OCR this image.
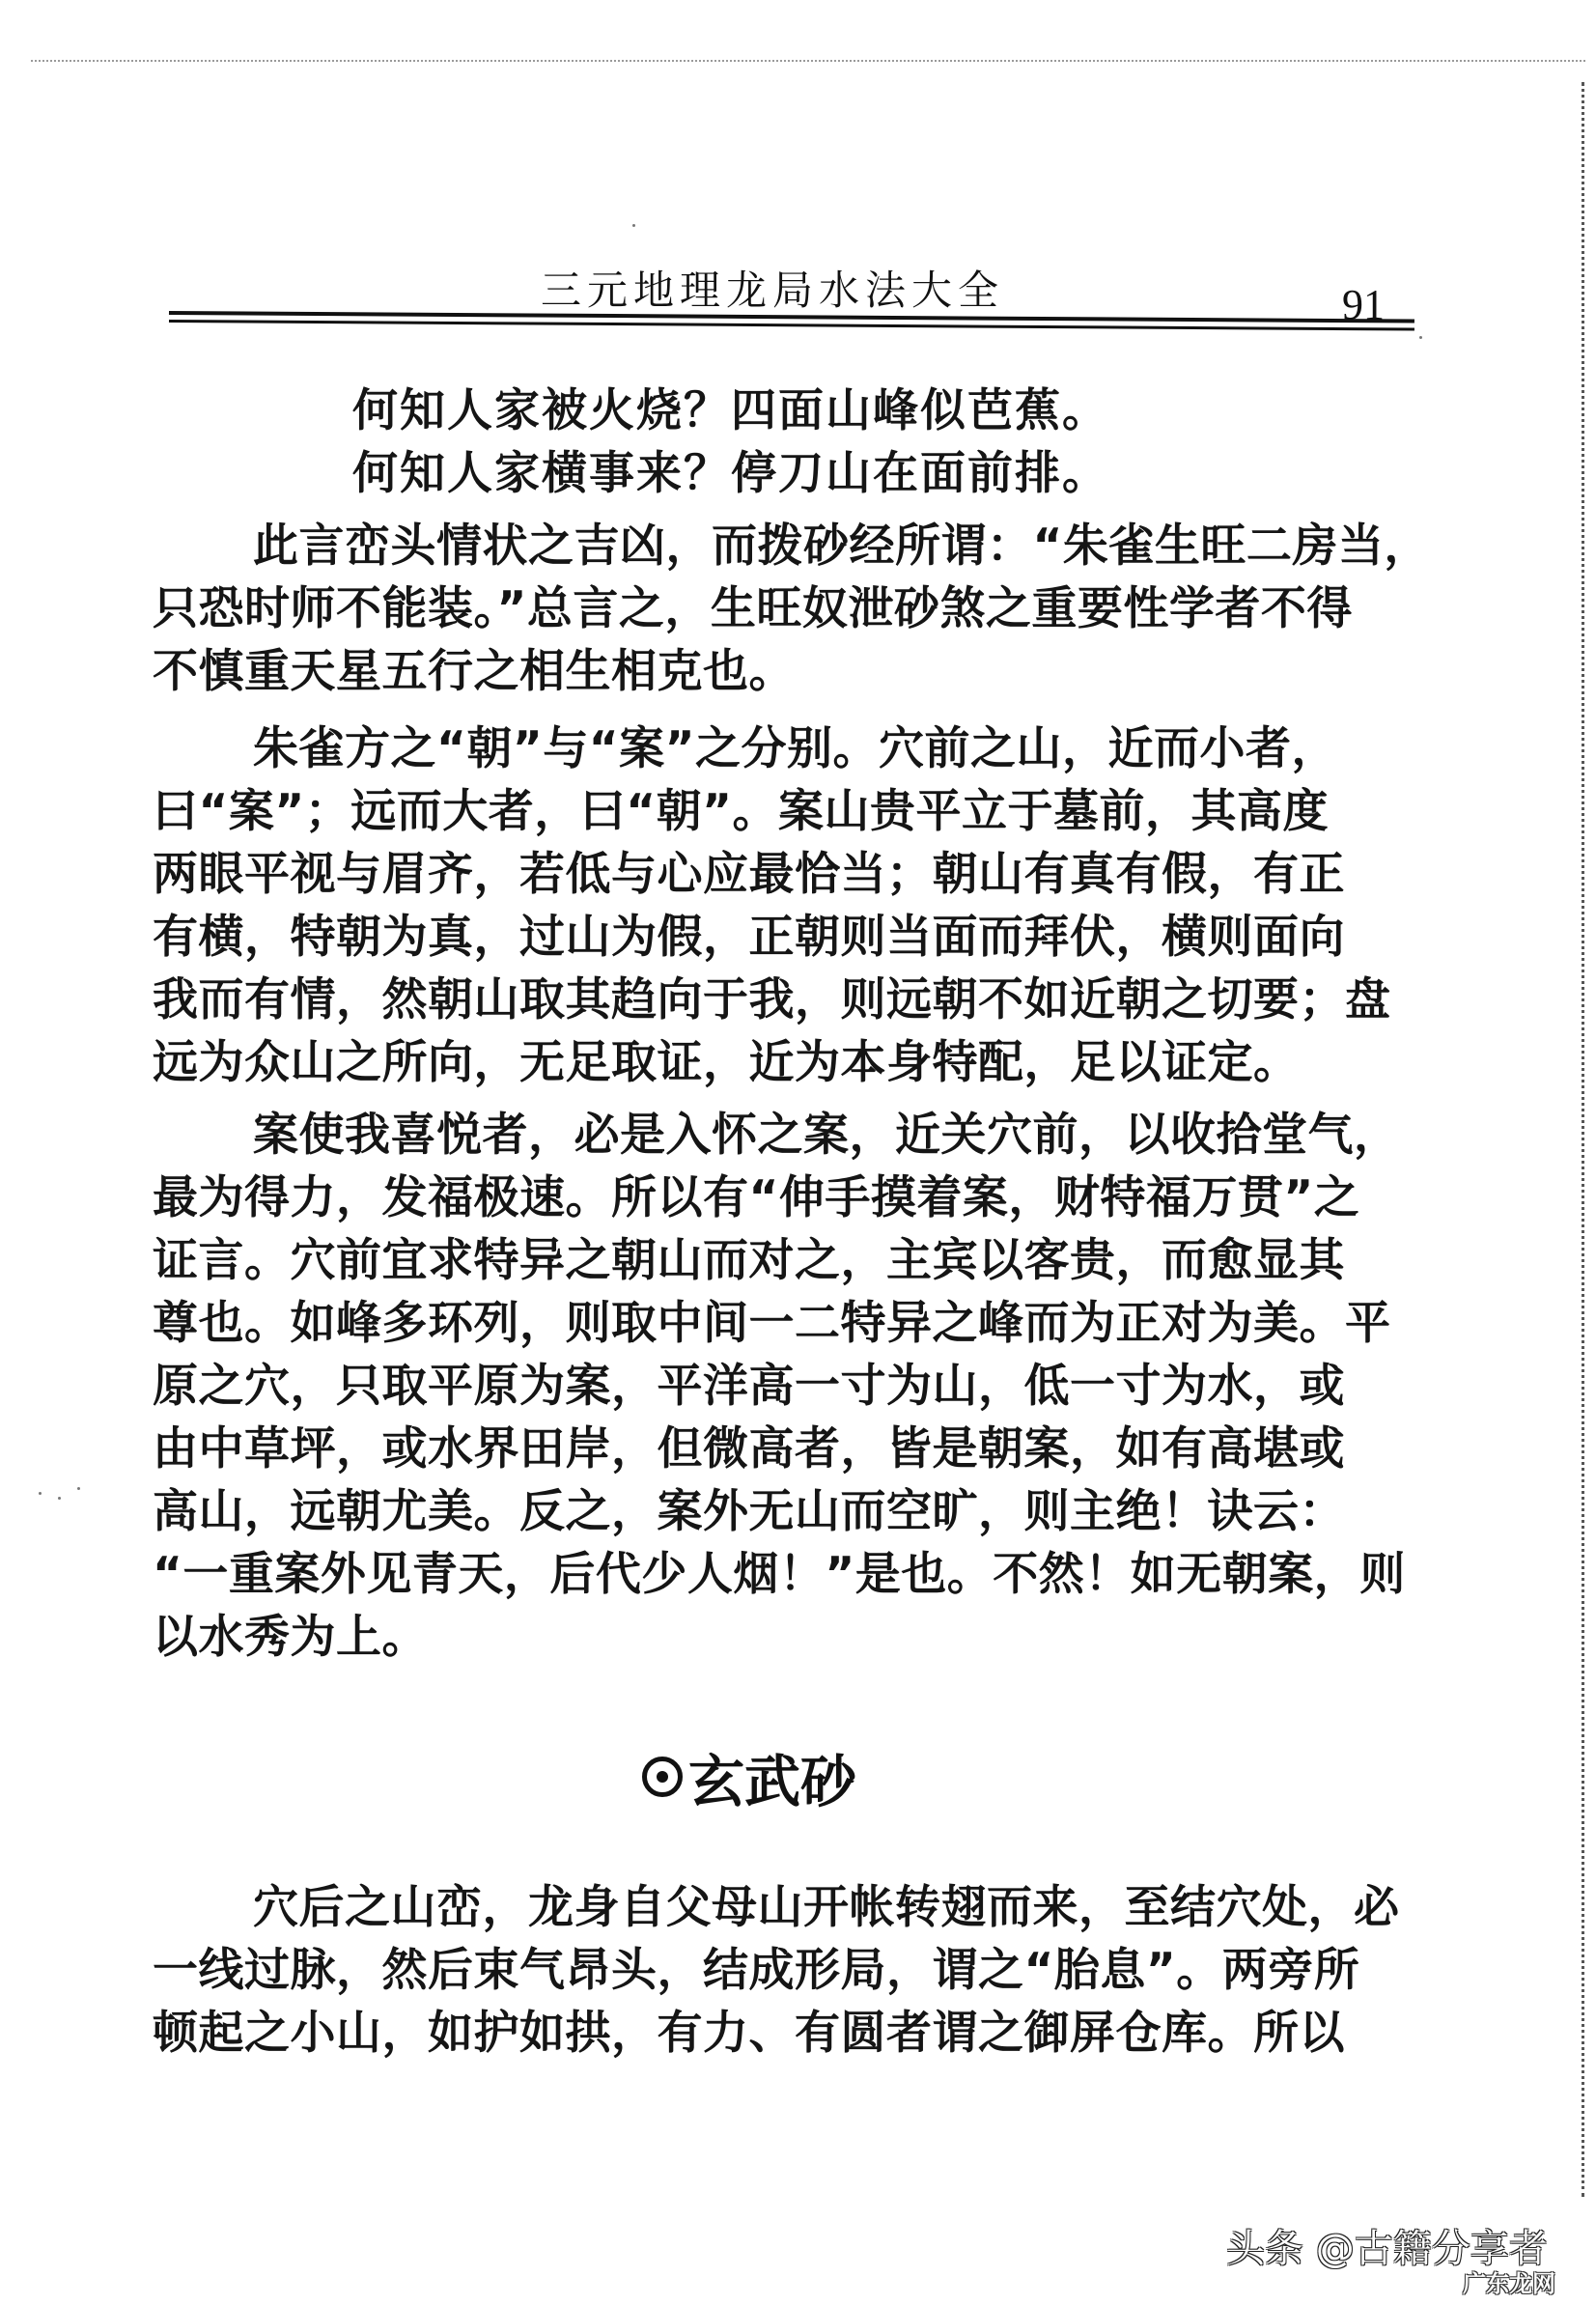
三元地理龙局水法大全	91
何知人家被火烧？四面山峰似芭蕉。
何知人家横事来？停刀山在面前排。
此言峦头情状之吉凶，而拨砂经所谓：“朱雀生旺二房当，
只恐时师不能装。”总言之，生旺奴泄砂煞之重要性学者不得
不慎重天星五行之相生相克也。
朱雀方之“朝”与“案”之分别。穴前之山，近而小者，
曰“案”；远而大者，曰“朝”。案山贵平立于墓前，其高度
两眼平视与眉齐，若低与心应最恰当；朝山有真有假，有正
有横，特朝为真，过山为假，正朝则当面而拜伏，横则面向
我而有情，然朝山取其趋向于我，则远朝不如近朝之切要；盘
远为众山之所向，无足取证，近为本身特配，足以证定。
案使我喜悦者，必是入怀之案，近关穴前，以收拾堂气，
最为得力，发福极速。所以有“伸手摸着案，财特福万贯”之
证言。穴前宜求特异之朝山而对之，主宾以客贵，而愈显其
尊也。如峰多环列，则取中间一二特异之峰而为正对为美。平
原之穴，只取平原为案，平洋高一寸为山，低一寸为水，或
由中草坪，或水界田岸，但微高者，皆是朝案，如有高堪或
高山，远朝尤美。反之，案外无山而空旷，则主绝！诀云：
“一重案外见青天，后代少人烟！”是也。不然！如无朝案，则
以水秀为上。
玄武砂
穴后之山峦，龙身自父母山开帐转翅而来，至结穴处，必
一线过脉，然后束气昂头，结成形局，谓之“胎息”。两旁所
顿起之小山，如护如拱，有力、有圆者谓之御屏仓库。所以
头条 @古籍分享者
广东龙网
